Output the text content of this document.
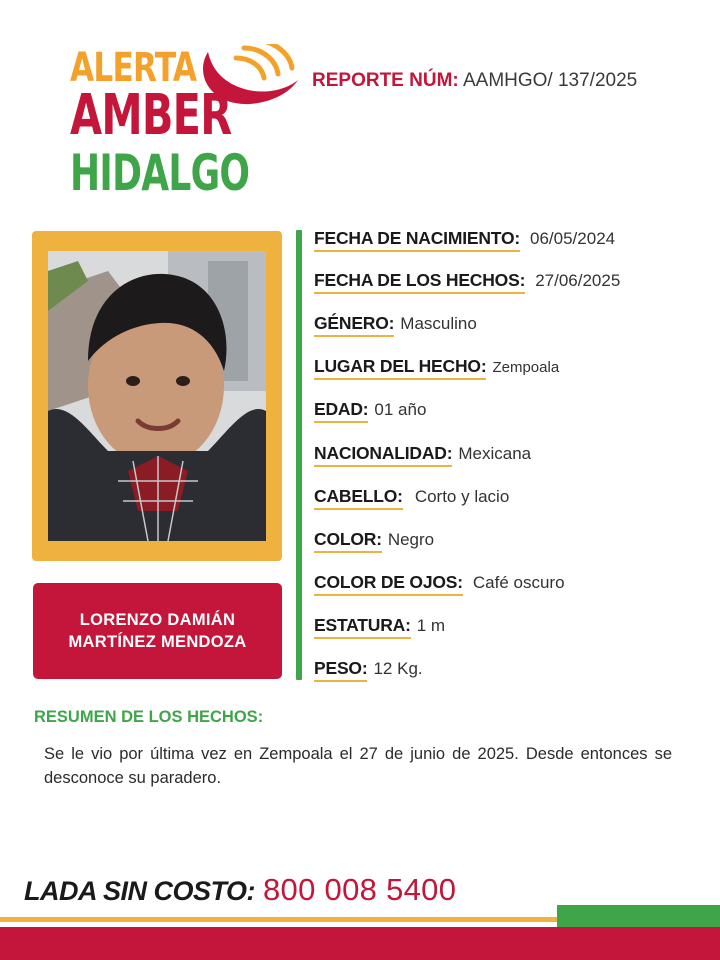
ALERTA
AMBER
HIDALGO
REPORTE NÚM: AAMHGO/ 137/2025
LORENZO DAMIÁN
MARTÍNEZ MENDOZA
FECHA DE NACIMIENTO: 06/05/2024
FECHA DE LOS HECHOS: 27/06/2025
GÉNERO: Masculino
LUGAR DEL HECHO: Zempoala
EDAD: 01 año
NACIONALIDAD: Mexicana
CABELLO: Corto y lacio
COLOR: Negro
COLOR DE OJOS: Café oscuro
ESTATURA: 1 m
PESO: 12 Kg.
RESUMEN DE LOS HECHOS:
Se le vio por última vez en Zempoala el 27 de junio de 2025. Desde entonces se desconoce su paradero.
LADA SIN COSTO: 800 008 5400
